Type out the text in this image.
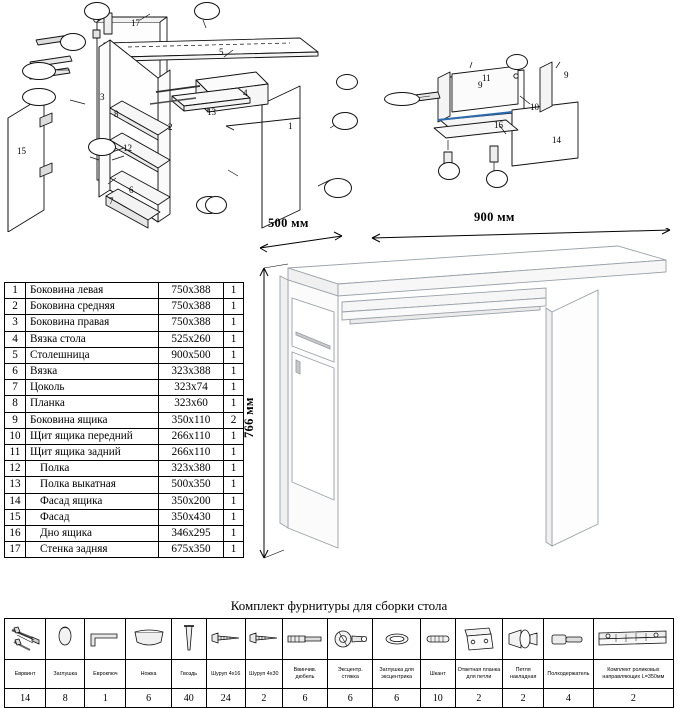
17
5
3	4
13
8
2
12
15
6
7
1
9
11
10
16
14
9
500 мм	900 мм
766 мм
1	Боковина левая	750х388	1
2	Боковина средняя	750х388	1
3	Боковина правая	750х388	1
4	Вязка стола	525х260	1
5	Столешница	900х500	1
6	Вязка	323х388	1
7	Цоколь	323х74	1
8	Планка	323х60	1
9	Боковина ящика	350х110	2
10	Щит ящика передний	266х110	1
11	Щит ящика задний	266х110	1
12	Полка	323х380	1
13	Полка выкатная	500х350	1
14	Фасад ящика	350х200	1
15	Фасад	350х430	1
16	Дно ящика	346х295	1
17	Стенка задняя	675х350	1
Комплект фурнитуры для сборки стола

Еврвинт	Заглушка	Еврокпюч	Ножка	Гвоздь	Шуруп 4х16	Шуруп 4х30	Ввинчив. дюбель	Эксцентр. стяжка	Заглушка для эксцентрика	Шкант	Ответная планка для петли	Петля накладная	Полкодержатель	Комплект роликовых направляющих L=350мм
14	8	1	6	40	24	2	6	6	6	10	2	2	4	2
